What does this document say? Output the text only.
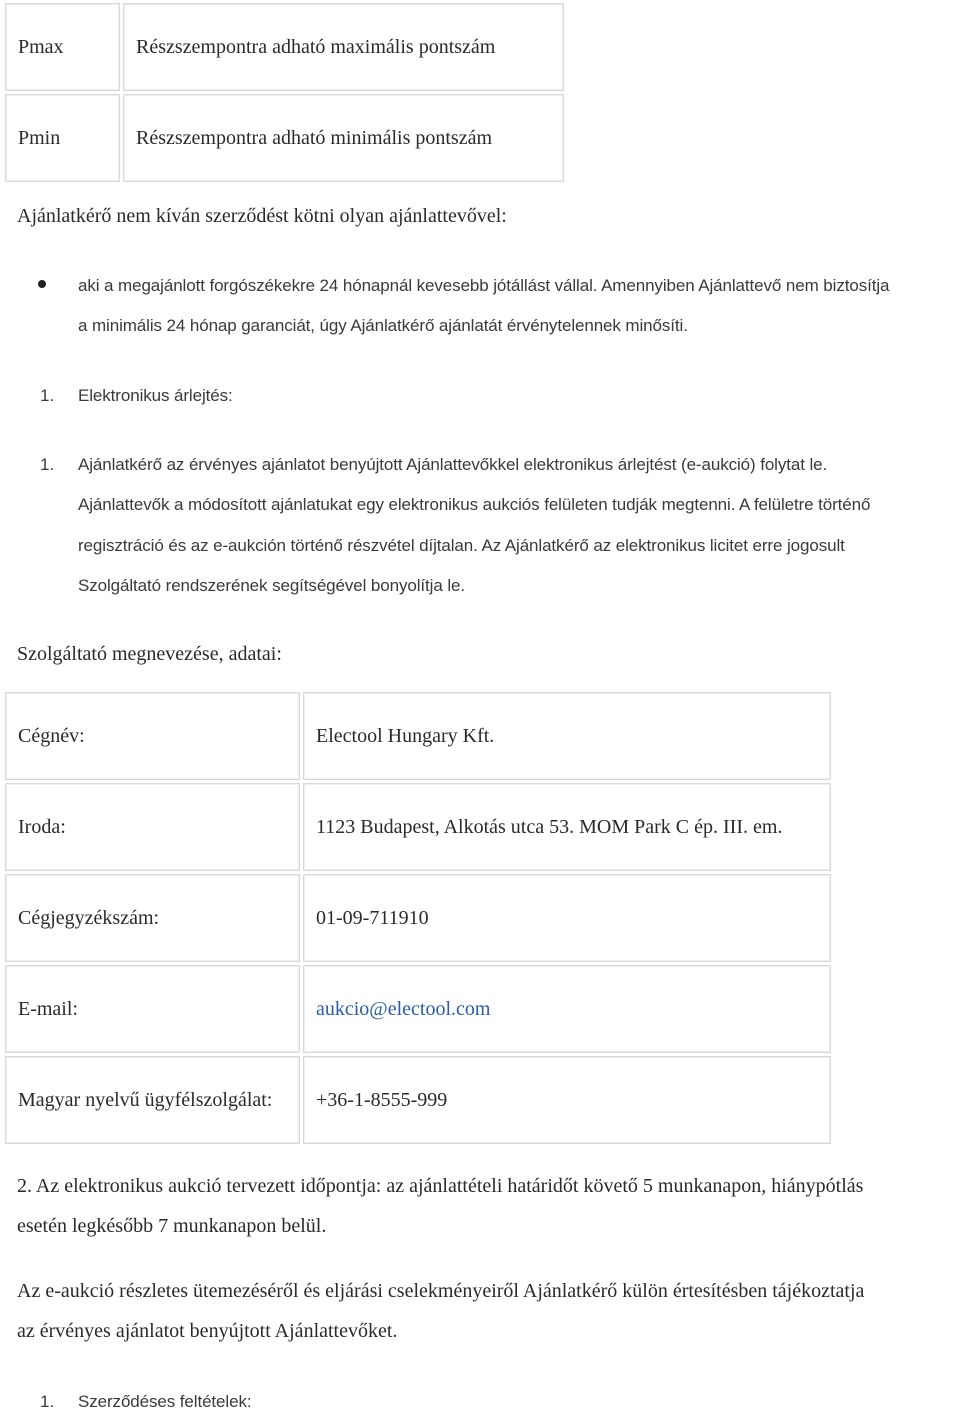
Pmax	Részszempontra adható maximális pontszám
Pmin	Részszempontra adható minimális pontszám

Ajánlatkérő nem kíván szerződést kötni olyan ajánlattevővel:

aki a megajánlott forgószékekre 24 hónapnál kevesebb jótállást vállal. Amennyiben Ajánlattevő nem biztosítja

a minimális 24 hónap garanciát, úgy Ajánlatkérő ajánlatát érvénytelennek minősíti.

1. Elektronikus árlejtés:

1. Ajánlatkérő az érvényes ajánlatot benyújtott Ajánlattevőkkel elektronikus árlejtést (e-aukció) folytat le.

Ajánlattevők a módosított ajánlatukat egy elektronikus aukciós felületen tudják megtenni. A felületre történő

regisztráció és az e-aukción történő részvétel díjtalan. Az Ajánlatkérő az elektronikus licitet erre jogosult

Szolgáltató rendszerének segítségével bonyolítja le.

Szolgáltató megnevezése, adatai:

Cégnév:	Electool Hungary Kft.
Iroda:	1123 Budapest, Alkotás utca 53. MOM Park C ép. III. em.
Cégjegyzékszám:	01-09-711910
E-mail:	aukcio@electool.com
Magyar nyelvű ügyfélszolgálat:	+36-1-8555-999

2. Az elektronikus aukció tervezett időpontja: az ajánlattételi határidőt követő 5 munkanapon, hiánypótlás

esetén legkésőbb 7 munkanapon belül.

Az e-aukció részletes ütemezéséről és eljárási cselekményeiről Ajánlatkérő külön értesítésben tájékoztatja

az érvényes ajánlatot benyújtott Ajánlattevőket.

1. Szerződéses feltételek:
